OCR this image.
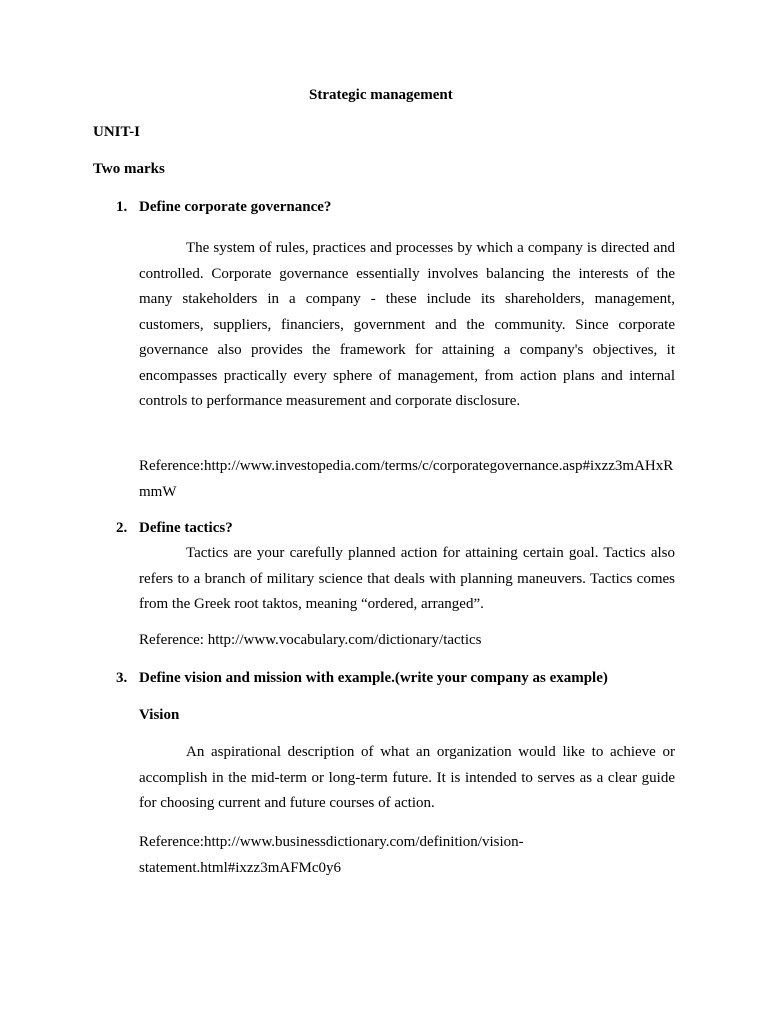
Strategic management
UNIT-I
Two marks
1. Define corporate governance?

The system of rules, practices and processes by which a company is directed and controlled. Corporate governance essentially involves balancing the interests of the many stakeholders in a company - these include its shareholders, management, customers, suppliers, financiers, government and the community. Since corporate governance also provides the framework for attaining a company's objectives, it encompasses practically every sphere of management, from action plans and internal controls to performance measurement and corporate disclosure.

Reference:http://www.investopedia.com/terms/c/corporategovernance.asp#ixzz3mAHxRmmW

2. Define tactics?

Tactics are your carefully planned action for attaining certain goal. Tactics also refers to a branch of military science that deals with planning maneuvers. Tactics comes from the Greek root taktos, meaning “ordered, arranged”.

Reference: http://www.vocabulary.com/dictionary/tactics

3. Define vision and mission with example.(write your company as example)
Vision

An aspirational description of what an organization would like to achieve or accomplish in the mid-term or long-term future. It is intended to serves as a clear guide for choosing current and future courses of action.

Reference:http://www.businessdictionary.com/definition/vision-
statement.html#ixzz3mAFMc0y6
